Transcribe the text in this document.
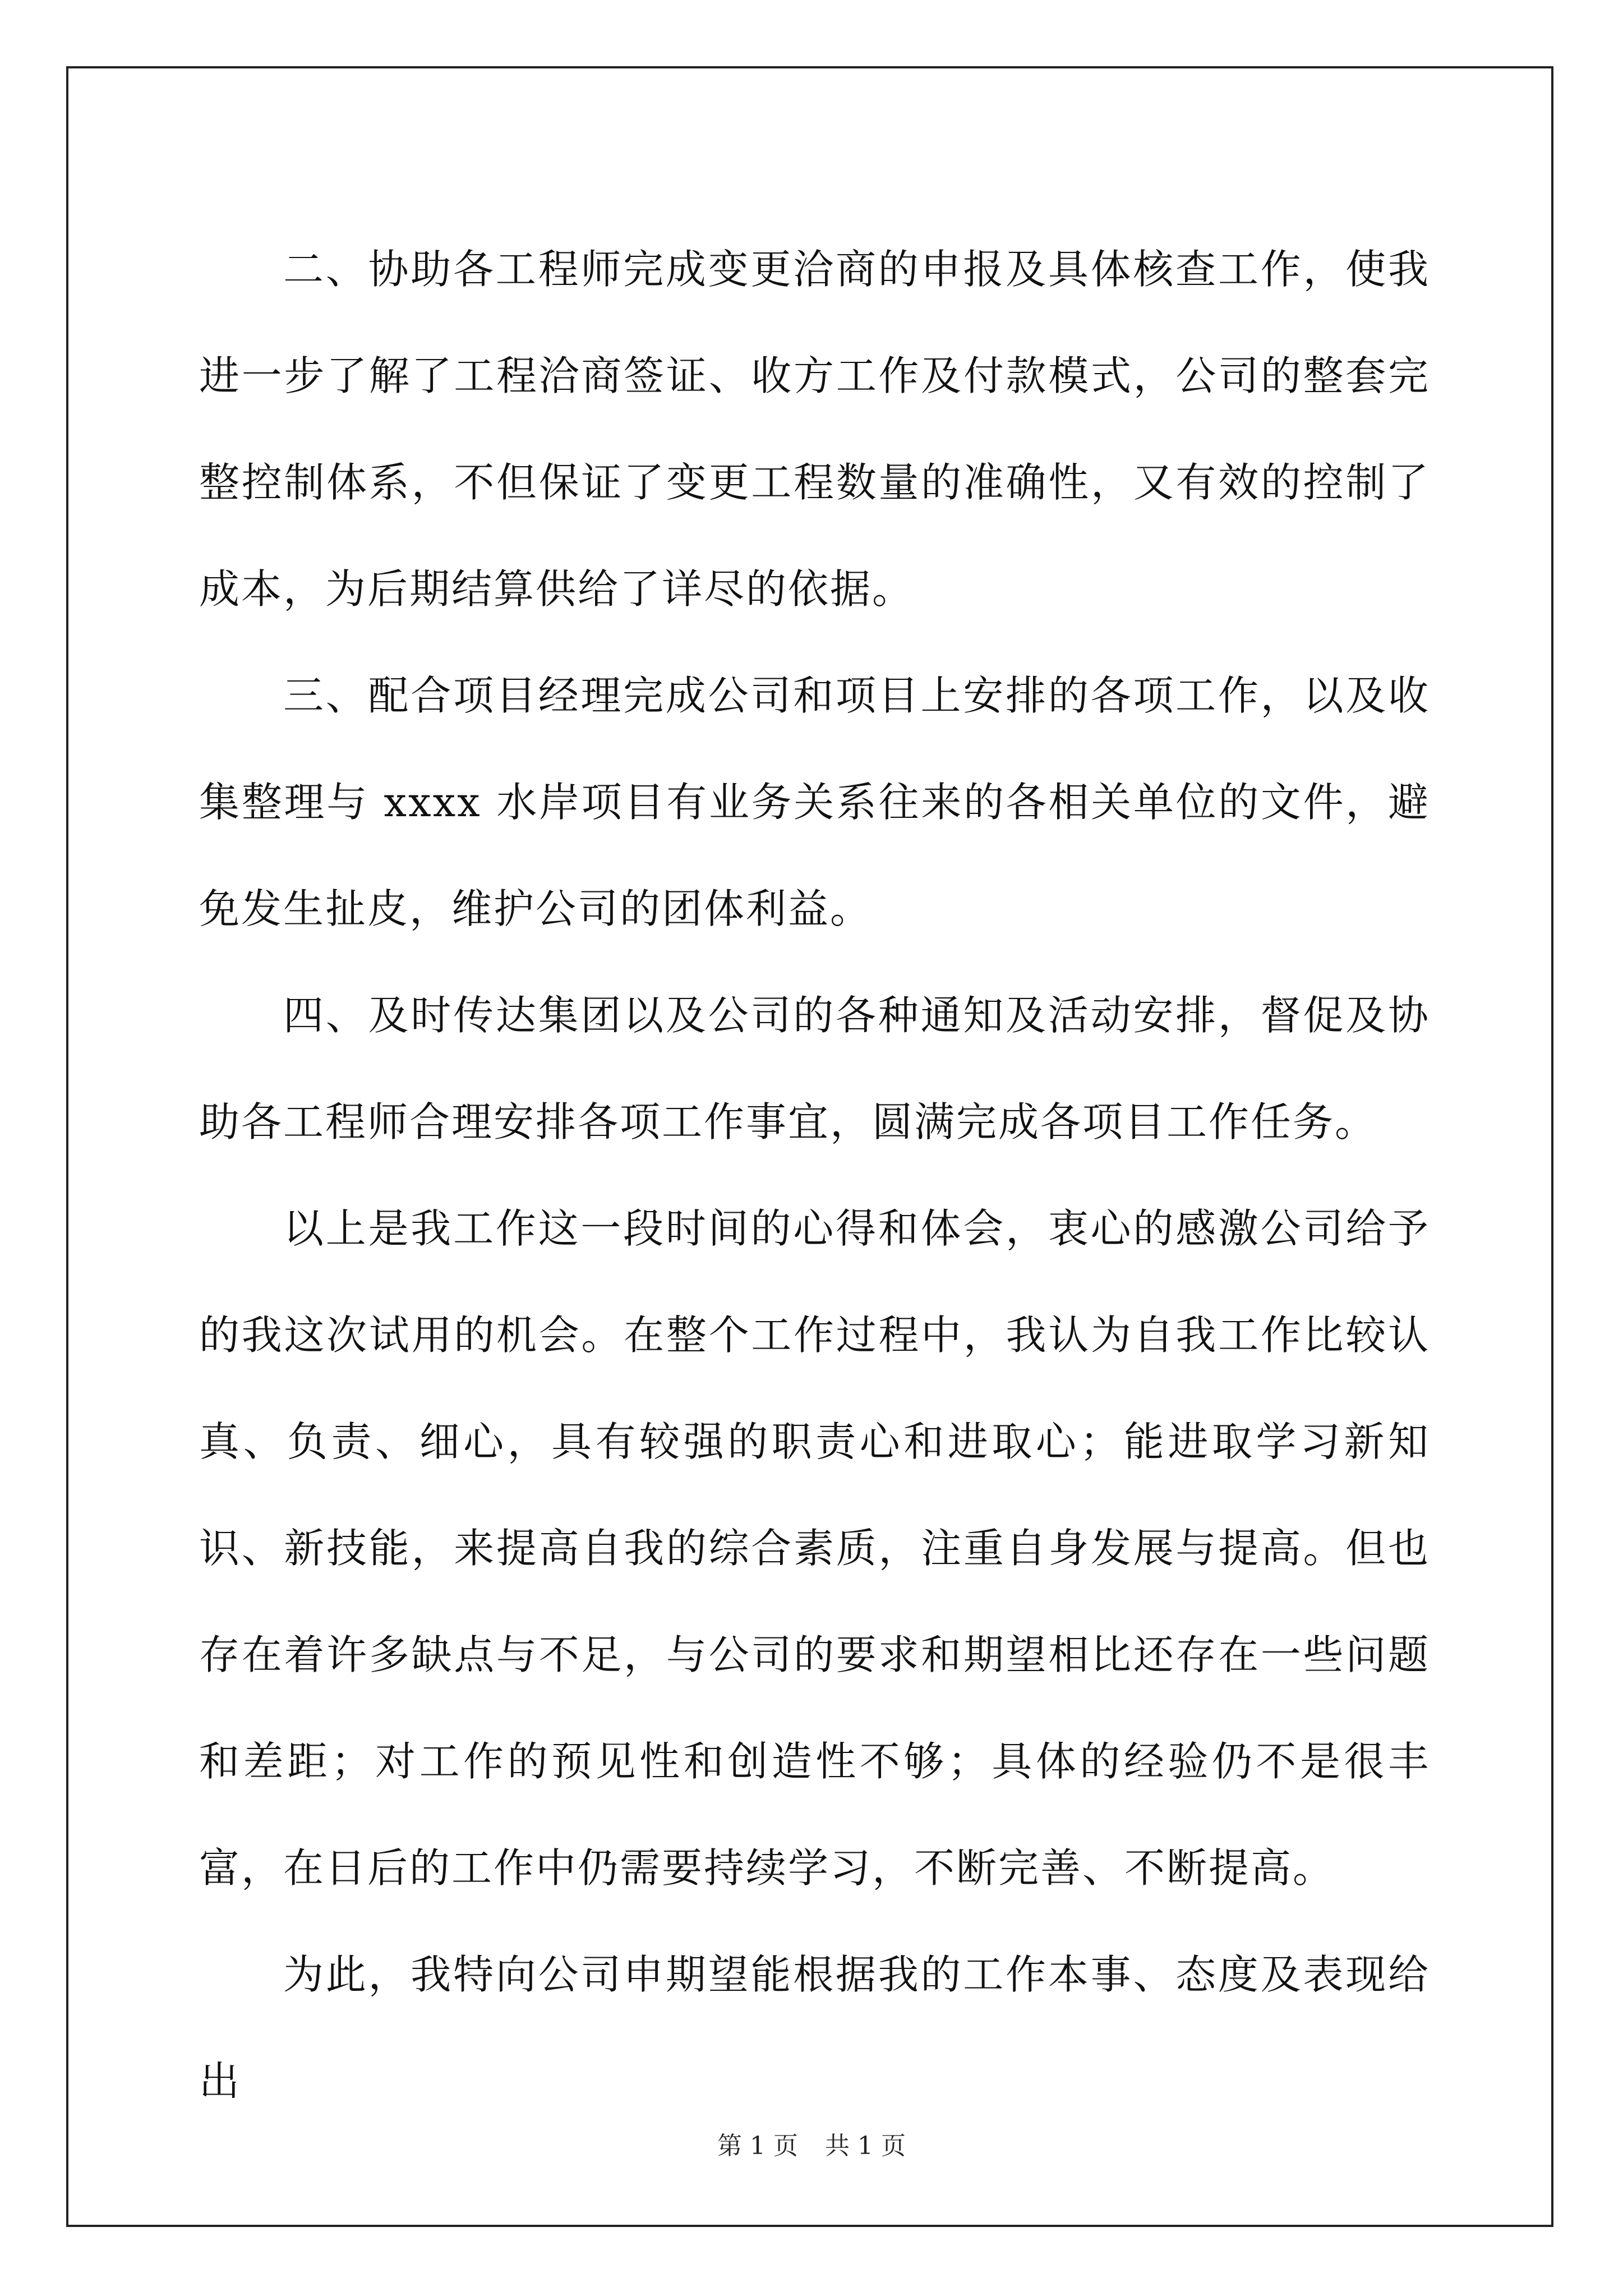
二、协助各工程师完成变更洽商的申报及具体核查工作，使我进一步了解了工程洽商签证、收方工作及付款模式，公司的整套完整控制体系，不但保证了变更工程数量的准确性，又有效的控制了成本，为后期结算供给了详尽的依据。

三、配合项目经理完成公司和项目上安排的各项工作，以及收集整理与 xxxx 水岸项目有业务关系往来的各相关单位的文件，避免发生扯皮，维护公司的团体利益。

四、及时传达集团以及公司的各种通知及活动安排，督促及协助各工程师合理安排各项工作事宜，圆满完成各项目工作任务。

以上是我工作这一段时间的心得和体会，衷心的感激公司给予的我这次试用的机会。在整个工作过程中，我认为自我工作比较认真、负责、细心，具有较强的职责心和进取心；能进取学习新知识、新技能，来提高自我的综合素质，注重自身发展与提高。但也存在着许多缺点与不足，与公司的要求和期望相比还存在一些问题和差距；对工作的预见性和创造性不够；具体的经验仍不是很丰富，在日后的工作中仍需要持续学习，不断完善、不断提高。

为此，我特向公司申期望能根据我的工作本事、态度及表现给出

第 1 页 共 1 页
